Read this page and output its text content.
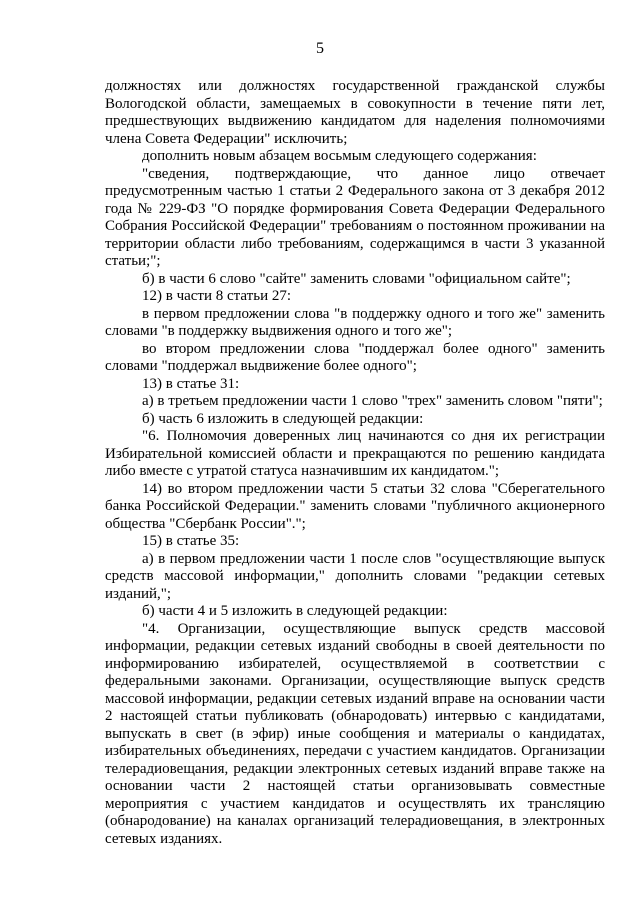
5

должностях или должностях государственной гражданской службы Вологодской области, замещаемых в совокупности в течение пяти лет, предшествующих выдвижению кандидатом для наделения полномочиями члена Совета Федерации" исключить;

дополнить новым абзацем восьмым следующего содержания:

"сведения, подтверждающие, что данное лицо отвечает предусмотренным частью 1 статьи 2 Федерального закона от 3 декабря 2012 года № 229-ФЗ "О порядке формирования Совета Федерации Федерального Собрания Российской Федерации" требованиям о постоянном проживании на территории области либо требованиям, содержащимся в части 3 указанной статьи;";

б) в части 6 слово "сайте" заменить словами "официальном сайте";

12) в части 8 статьи 27:

в первом предложении слова "в поддержку одного и того же" заменить словами "в поддержку выдвижения одного и того же";

во втором предложении слова "поддержал более одного" заменить словами "поддержал выдвижение более одного";

13) в статье 31:

а) в третьем предложении части 1 слово "трех" заменить словом "пяти";

б) часть 6 изложить в следующей редакции:

"6. Полномочия доверенных лиц начинаются со дня их регистрации Избирательной комиссией области и прекращаются по решению кандидата либо вместе с утратой статуса назначившим их кандидатом.";

14) во втором предложении части 5 статьи 32 слова "Сберегательного банка Российской Федерации." заменить словами "публичного акционерного общества "Сбербанк России".";

15) в статье 35:

а) в первом предложении части 1 после слов "осуществляющие выпуск средств массовой информации," дополнить словами "редакции сетевых изданий,";

б) части 4 и 5 изложить в следующей редакции:

"4. Организации, осуществляющие выпуск средств массовой информации, редакции сетевых изданий свободны в своей деятельности по информированию избирателей, осуществляемой в соответствии с федеральными законами. Организации, осуществляющие выпуск средств массовой информации, редакции сетевых изданий вправе на основании части 2 настоящей статьи публиковать (обнародовать) интервью с кандидатами, выпускать в свет (в эфир) иные сообщения и материалы о кандидатах, избирательных объединениях, передачи с участием кандидатов. Организации телерадиовещания, редакции электронных сетевых изданий вправе также на основании части 2 настоящей статьи организовывать совместные мероприятия с участием кандидатов и осуществлять их трансляцию (обнародование) на каналах организаций телерадиовещания, в электронных сетевых изданиях.
